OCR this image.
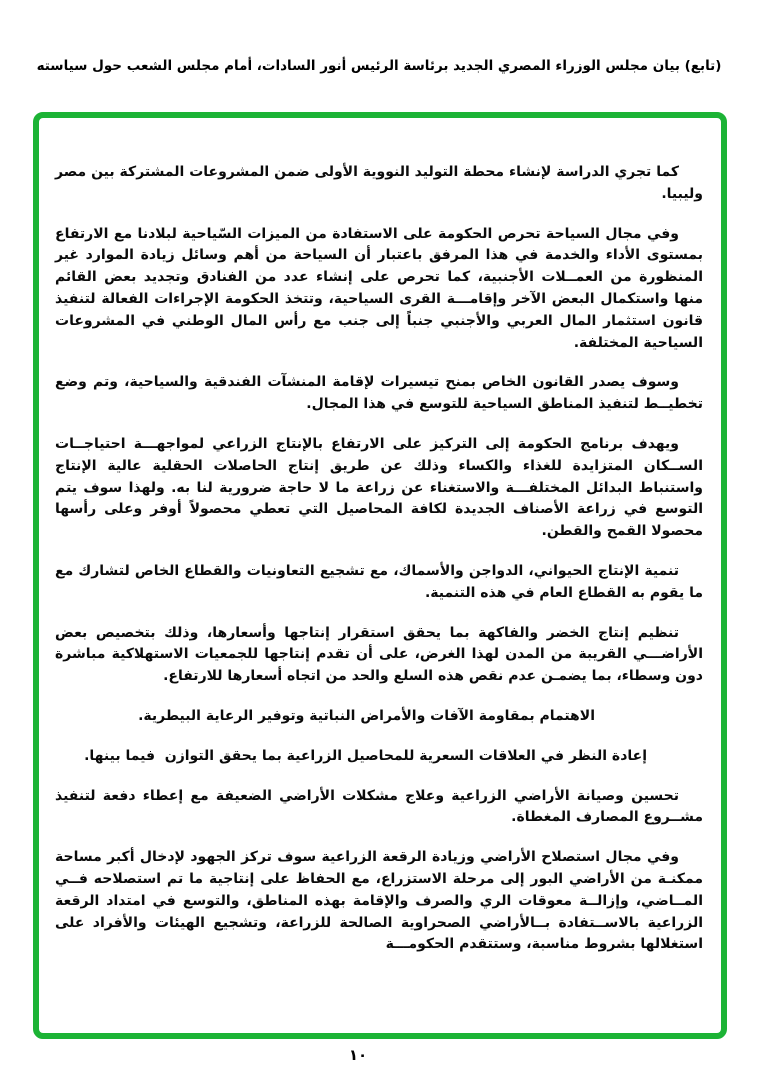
(تابع) بيان مجلس الوزراء المصري الجديد برئاسة الرئيس أنور السادات، أمام مجلس الشعب حول سياسته

كما تجري الدراسة لإنشاء محطة التوليد النووية الأولى ضمن المشروعات المشتركة بين مصر وليبيا.

وفي مجال السياحة تحرص الحكومة على الاستفادة من الميزات السّياحية لبلادنا مع الارتفاع بمستوى الأداء والخدمة في هذا المرفق باعتبار أن السياحة من أهم وسائل زيادة الموارد غير المنظورة من العمــلات الأجنبية، كما تحرص على إنشاء عدد من الفنادق وتجديد بعض القائم منها واستكمال البعض الآخر وإقامـــة القرى السياحية، وتتخذ الحكومة الإجراءات الفعالة لتنفيذ قانون استثمار المال العربي والأجنبي جنباً إلى جنب مع رأس المال الوطني في المشروعات السياحية المختلفة.

وسوف يصدر القانون الخاص بمنح تيسيرات لإقامة المنشآت الفندقية والسياحية، وتم وضع تخطيــط لتنفيذ المناطق السياحية للتوسع في هذا المجال.

ويهدف برنامج الحكومة إلى التركيز على الارتفاع بالإنتاج الزراعي لمواجهـــة احتياجــات الســكان المتزايدة للغذاء والكساء وذلك عن طريق إنتاج الحاصلات الحقلية عالية الإنتاج واستنباط البدائل المختلفـــة والاستغناء عن زراعة ما لا حاجة ضرورية لنا به. ولهذا سوف يتم التوسع في زراعة الأصناف الجديدة لكافة المحاصيل التي تعطي محصولاً أوفر وعلى رأسها محصولا القمح والقطن.

تنمية الإنتاج الحيواني، الدواجن والأسماك، مع تشجيع التعاونيات والقطاع الخاص لتشارك مع ما يقوم به القطاع العام في هذه التنمية.

تنظيم إنتاج الخضر والفاكهة بما يحقق استقرار إنتاجها وأسعارها، وذلك بتخصيص بعض الأراضـــي القريبة من المدن لهذا الغرض، على أن تقدم إنتاجها للجمعيات الاستهلاكية مباشرة دون وسطاء، بما يضمـن عدم نقص هذه السلع والحد من اتجاه أسعارها للارتفاع.

الاهتمام بمقاومة الآفات والأمراض النباتية وتوفير الرعاية البيطرية.

إعادة النظر في العلاقات السعرية للمحاصيل الزراعية بما يحقق التوازن  فيما بينها.

تحسين وصيانة الأراضي الزراعية وعلاج مشكلات الأراضي الضعيفة مع إعطاء دفعة لتنفيذ مشــروع المصارف المغطاة.

وفي مجال استصلاح الأراضي وزيادة الرقعة الزراعية سوف تركز الجهود لإدخال أكبر مساحة ممكنـة من الأراضي البور إلى مرحلة الاستزراع، مع الحفاظ على إنتاجية ما تم استصلاحه فــي المــاضي، وإزالــة معوقات الري والصرف والإقامة بهذه المناطق، والتوسع في امتداد الرقعة الزراعية بالاســتفادة بــالأراضي الصحراوية الصالحة للزراعة، وتشجيع الهيئات والأفراد على استغلالها بشروط مناسبة، وستتقدم الحكومـــة

١٠
